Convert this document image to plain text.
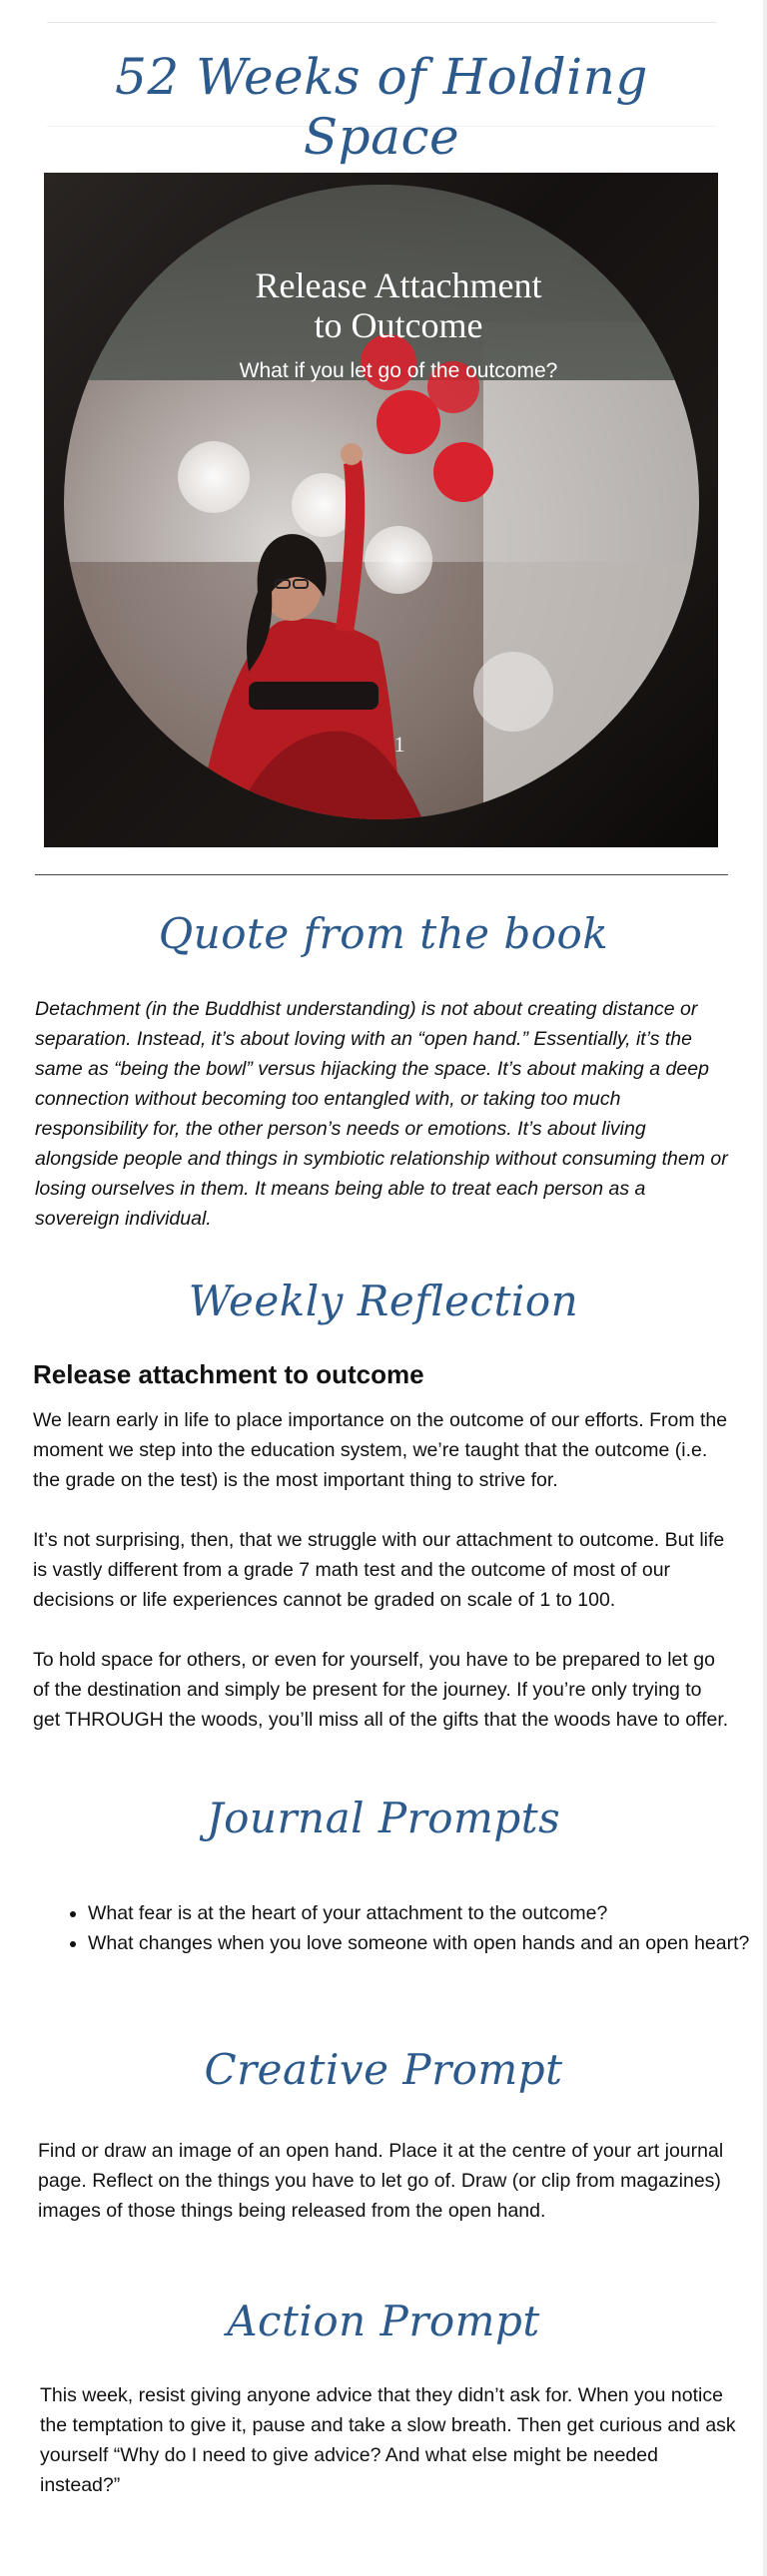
52 Weeks of Holding Space
Release Attachment
to Outcome
What if you let go of the outcome?
1
Quote from the book

Detachment (in the Buddhist understanding) is not about creating distance or separation. Instead, it’s about loving with an “open hand.” Essentially, it’s the same as “being the bowl” versus hijacking the space. It’s about making a deep connection without becoming too entangled with, or taking too much responsibility for, the other person’s needs or emotions. It’s about living alongside people and things in symbiotic relationship without consuming them or losing ourselves in them. It means being able to treat each person as a sovereign individual.

Weekly Reflection
Release attachment to outcome

We learn early in life to place importance on the outcome of our efforts. From the moment we step into the education system, we’re taught that the outcome (i.e. the grade on the test) is the most important thing to strive for.

It’s not surprising, then, that we struggle with our attachment to outcome. But life is vastly different from a grade 7 math test and the outcome of most of our decisions or life experiences cannot be graded on scale of 1 to 100.

To hold space for others, or even for yourself, you have to be prepared to let go of the destination and simply be present for the journey. If you’re only trying to get THROUGH the woods, you’ll miss all of the gifts that the woods have to offer.

Journal Prompts
• What fear is at the heart of your attachment to the outcome?
• What changes when you love someone with open hands and an open heart?
Creative Prompt

Find or draw an image of an open hand. Place it at the centre of your art journal page. Reflect on the things you have to let go of. Draw (or clip from magazines) images of those things being released from the open hand.

Action Prompt

This week, resist giving anyone advice that they didn’t ask for. When you notice the temptation to give it, pause and take a slow breath. Then get curious and ask yourself “Why do I need to give advice? And what else might be needed instead?”
